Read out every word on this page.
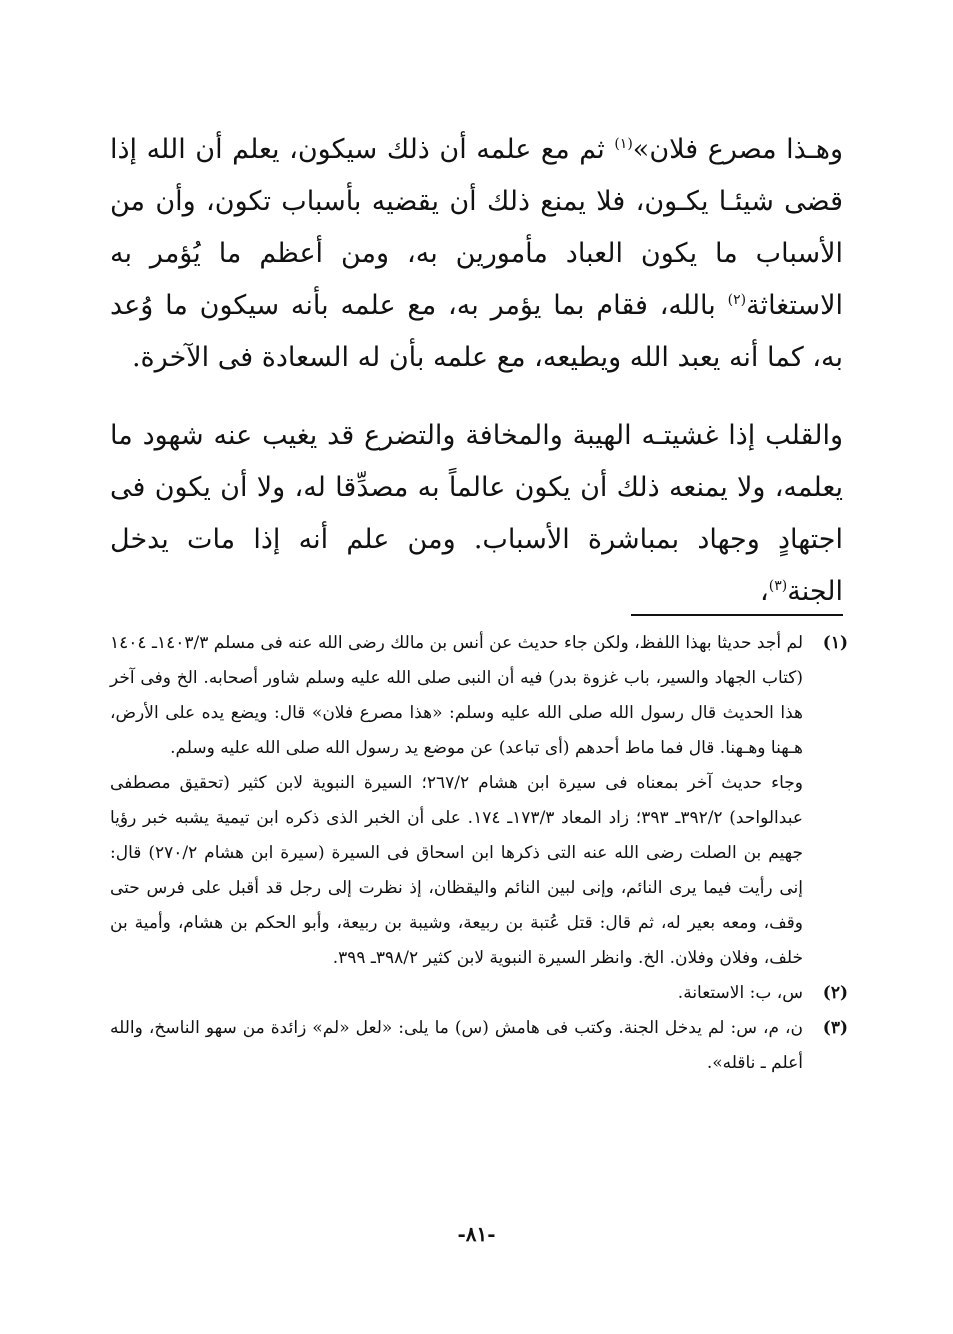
وهـذا مصرع فلان»$^{(١)}$ ثم مع علمه أن ذلك سيكون، يعلم أن الله إذا قضى شيئـا يكـون، فلا يمنع ذلك أن يقضيه بأسباب تكون، وأن من الأسباب ما يكون العباد مأمورين به، ومن أعظم ما يُؤمر به الاستغاثة$^{(٢)}$ بالله، فقام بما يؤمر به، مع علمه بأنه سيكون ما وُعد به، كما أنه يعبد الله ويطيعه، مع علمه بأن له السعادة فى الآخرة.

والقلب إذا غشيتـه الهيبة والمخافة والتضرع قد يغيب عنه شهود ما يعلمه، ولا يمنعه ذلك أن يكون عالماً به مصدِّقا له، ولا أن يكون فى اجتهادٍ وجهاد بمباشرة الأسباب. ومن علم أنه إذا مات يدخل الجنة$^{(٣)}$،

(١)

لم أجد حديثا بهذا اللفظ، ولكن جاء حديث عن أنس بن مالك رضى الله عنه فى مسلم ١٤٠٣/٣ـ ١٤٠٤ (كتاب الجهاد والسير، باب غزوة بدر) فيه أن النبى صلى الله عليه وسلم شاور أصحابه. الخ وفى آخر هذا الحديث قال رسول الله صلى الله عليه وسلم: «هذا مصرع فلان» قال: ويضع يده على الأرض، هـهنا وهـهنا. قال فما ماط أحدهم (أى تباعد) عن موضع يد رسول الله صلى الله عليه وسلم.

وجاء حديث آخر بمعناه فى سيرة ابن هشام ٢٦٧/٢؛ السيرة النبوية لابن كثير (تحقيق مصطفى عبدالواحد) ٣٩٢/٢ـ ٣٩٣؛ زاد المعاد ١٧٣/٣ـ ١٧٤. على أن الخبر الذى ذكره ابن تيمية يشبه خبر رؤيا جهيم بن الصلت رضى الله عنه التى ذكرها ابن اسحاق فى السيرة (سيرة ابن هشام ٢٧٠/٢) قال: إنى رأيت فيما يرى النائم، وإنى لبين النائم واليقظان، إذ نظرت إلى رجل قد أقبل على فرس حتى وقف، ومعه بعير له، ثم قال: قتل عُتبة بن ربيعة، وشيبة بن ربيعة، وأبو الحكم بن هشام، وأمية بن خلف، وفلان وفلان. الخ. وانظر السيرة النبوية لابن كثير ٣٩٨/٢ـ ٣٩٩.

(٢)

س، ب: الاستعانة.

(٣)

ن، م، س: لم يدخل الجنة. وكتب فى هامش (س) ما يلى: «لعل «لم» زائدة من سهو الناسخ، والله أعلم ـ ناقله».

-٨١-
